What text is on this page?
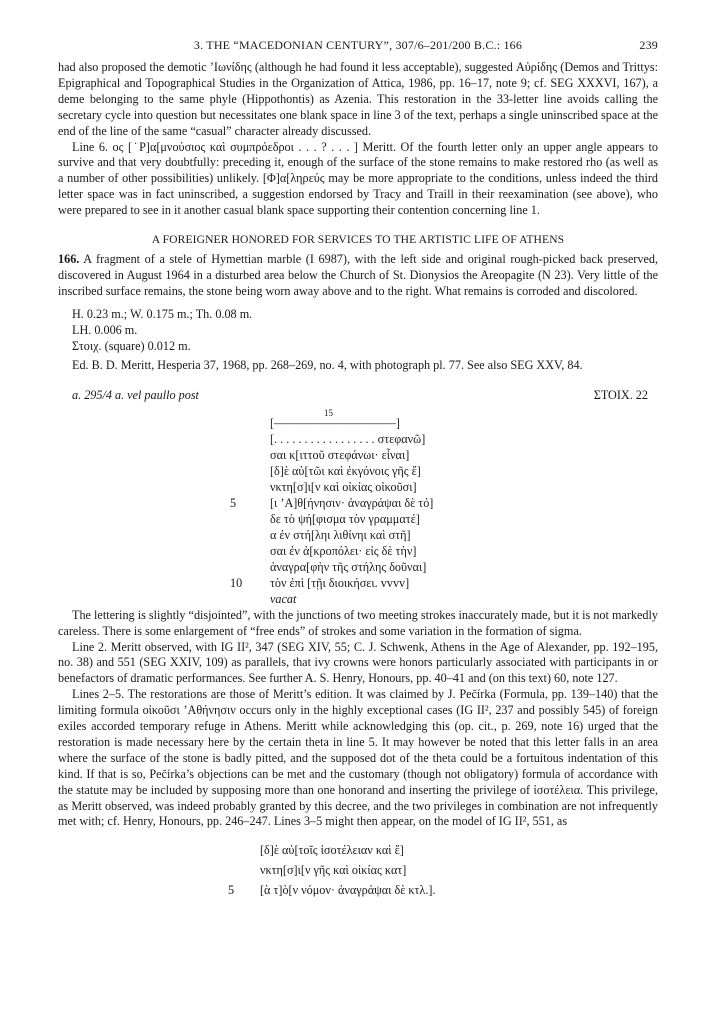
3. THE “MACEDONIAN CENTURY”, 307/6–201/200 B.C.: 166	239

had also proposed the demotic ’Ιωνίδης (although he had found it less acceptable), suggested Αὐρίδης (Demos and Trittys: Epigraphical and Topographical Studies in the Organization of Attica, 1986, pp. 16–17, note 9; cf. SEG XXXVI, 167), a deme belonging to the same phyle (Hippothontis) as Azenia. This restoration in the 33-letter line avoids calling the secretary cycle into question but necessitates one blank space in line 3 of the text, perhaps a single uninscribed space at the end of the line of the same “casual” character already discussed.

Line 6. ος [˙Ρ]α[μνούσιος καὶ συμπρόεδροι . . . ? . . . ] Meritt. Of the fourth letter only an upper angle appears to survive and that very doubtfully: preceding it, enough of the surface of the stone remains to make restored rho (as well as a number of other possibilities) unlikely. [Φ]α[ληρεύς may be more appropriate to the conditions, unless indeed the third letter space was in fact uninscribed, a suggestion endorsed by Tracy and Traill in their reexamination (see above), who were prepared to see in it another casual blank space supporting their contention concerning line 1.

A FOREIGNER HONORED FOR SERVICES TO THE ARTISTIC LIFE OF ATHENS

166. A fragment of a stele of Hymettian marble (I 6987), with the left side and original rough-picked back preserved, discovered in August 1964 in a disturbed area below the Church of St. Dionysios the Areopagite (N 23). Very little of the inscribed surface remains, the stone being worn away above and to the right. What remains is corroded and discolored.

H. 0.23 m.; W. 0.175 m.; Th. 0.08 m.
LH. 0.006 m.
Στοιχ. (square) 0.012 m.

Ed. B. D. Meritt, Hesperia 37, 1968, pp. 268–269, no. 4, with photograph pl. 77. See also SEG XXV, 84.

a. 295/4 a. vel paullo post	ΣΤΟΙΧ. 22
15
[––––––––––––––––––––]
[. . . . . . . . . . . . . . . . . στεφανῶ]
σαι κ[ιττοῦ στεφάνωι· εἶναι]
[δ]ὲ αὐ[τῶι καὶ ἐκγόνοις γῆς ἔ]
νκτη[σ]ι[ν καὶ οἰκίας οἰκοῦσι]
5	[ι ’Α]θ[ήνησιν· ἀναγράψαι δὲ τό]
δε τὸ ψή[φισμα τὸν γραμματέ]
α ἐν στή[ληι λιθίνηι καὶ στῆ]
σαι ἐν ἀ[κροπόλει· εἰς δὲ τὴν]
ἀναγρα[φὴν τῆς στήλης δοῦναι]
10	τὸν ἐπὶ [τῇι διοικήσει. vvvv]
vacat

The lettering is slightly “disjointed”, with the junctions of two meeting strokes inaccurately made, but it is not markedly careless. There is some enlargement of “free ends” of strokes and some variation in the formation of sigma.

Line 2. Meritt observed, with IG II², 347 (SEG XIV, 55; C. J. Schwenk, Athens in the Age of Alexander, pp. 192–195, no. 38) and 551 (SEG XXIV, 109) as parallels, that ivy crowns were honors particularly associated with participants in or benefactors of dramatic performances. See further A. S. Henry, Honours, pp. 40–41 and (on this text) 60, note 127.

Lines 2–5. The restorations are those of Meritt’s edition. It was claimed by J. Pečírka (Formula, pp. 139–140) that the limiting formula οἰκοῦσι ’Αθήνησιν occurs only in the highly exceptional cases (IG II², 237 and possibly 545) of foreign exiles accorded temporary refuge in Athens. Meritt while acknowledging this (op. cit., p. 269, note 16) urged that the restoration is made necessary here by the certain theta in line 5. It may however be noted that this letter falls in an area where the surface of the stone is badly pitted, and the supposed dot of the theta could be a fortuitous indentation of this kind. If that is so, Pečírka’s objections can be met and the customary (though not obligatory) formula of accordance with the statute may be included by supposing more than one honorand and inserting the privilege of ἰσοτέλεια. This privilege, as Meritt observed, was indeed probably granted by this decree, and the two privileges in combination are not infrequently met with; cf. Henry, Honours, pp. 246–247. Lines 3–5 might then appear, on the model of IG II², 551, as

[δ]ὲ αὐ[τοῖς ἰσοτέλειαν καὶ ἔ]
νκτη[σ]ι[ν γῆς καὶ οἰκίας κατ]
5 [ὰ τ]ὸ[ν νόμον· ἀναγράψαι δὲ κτλ.].
